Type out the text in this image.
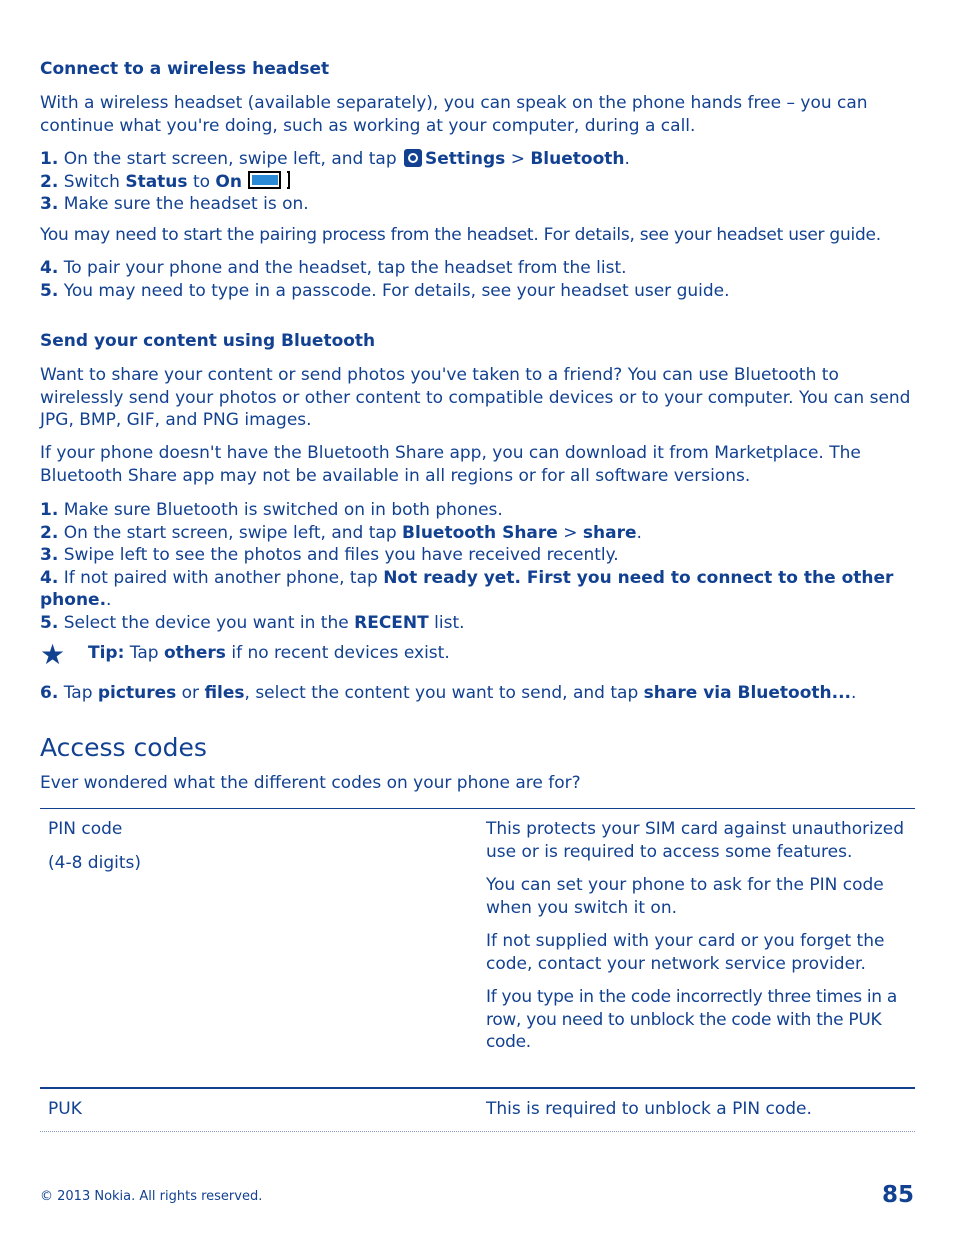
Connect to a wireless headset

With a wireless headset (available separately), you can speak on the phone hands free – you can continue what you're doing, such as working at your computer, during a call.

1. On the start screen, swipe left, and tap Settings > Bluetooth.
2. Switch Status to On
3. Make sure the headset is on.

You may need to start the pairing process from the headset. For details, see your headset user guide.

4. To pair your phone and the headset, tap the headset from the list.
5. You may need to type in a passcode. For details, see your headset user guide.
Send your content using Bluetooth

Want to share your content or send photos you've taken to a friend? You can use Bluetooth to wirelessly send your photos or other content to compatible devices or to your computer. You can send JPG, BMP, GIF, and PNG images.

If your phone doesn't have the Bluetooth Share app, you can download it from Marketplace. The Bluetooth Share app may not be available in all regions or for all software versions.

1. Make sure Bluetooth is switched on in both phones.
2. On the start screen, swipe left, and tap Bluetooth Share > share.
3. Swipe left to see the photos and files you have received recently.
4. If not paired with another phone, tap Not ready yet. First you need to connect to the other phone..
5. Select the device you want in the RECENT list.
★ Tip: Tap others if no recent devices exist.
6. Tap pictures or files, select the content you want to send, and tap share via Bluetooth....
Access codes

Ever wondered what the different codes on your phone are for?

PIN code
(4-8 digits)

This protects your SIM card against unauthorized use or is required to access some features.

You can set your phone to ask for the PIN code when you switch it on.

If not supplied with your card or you forget the code, contact your network service provider.

If you type in the code incorrectly three times in a row, you need to unblock the code with the PUK code.

PUK	This is required to unblock a PIN code.
© 2013 Nokia. All rights reserved.	85
